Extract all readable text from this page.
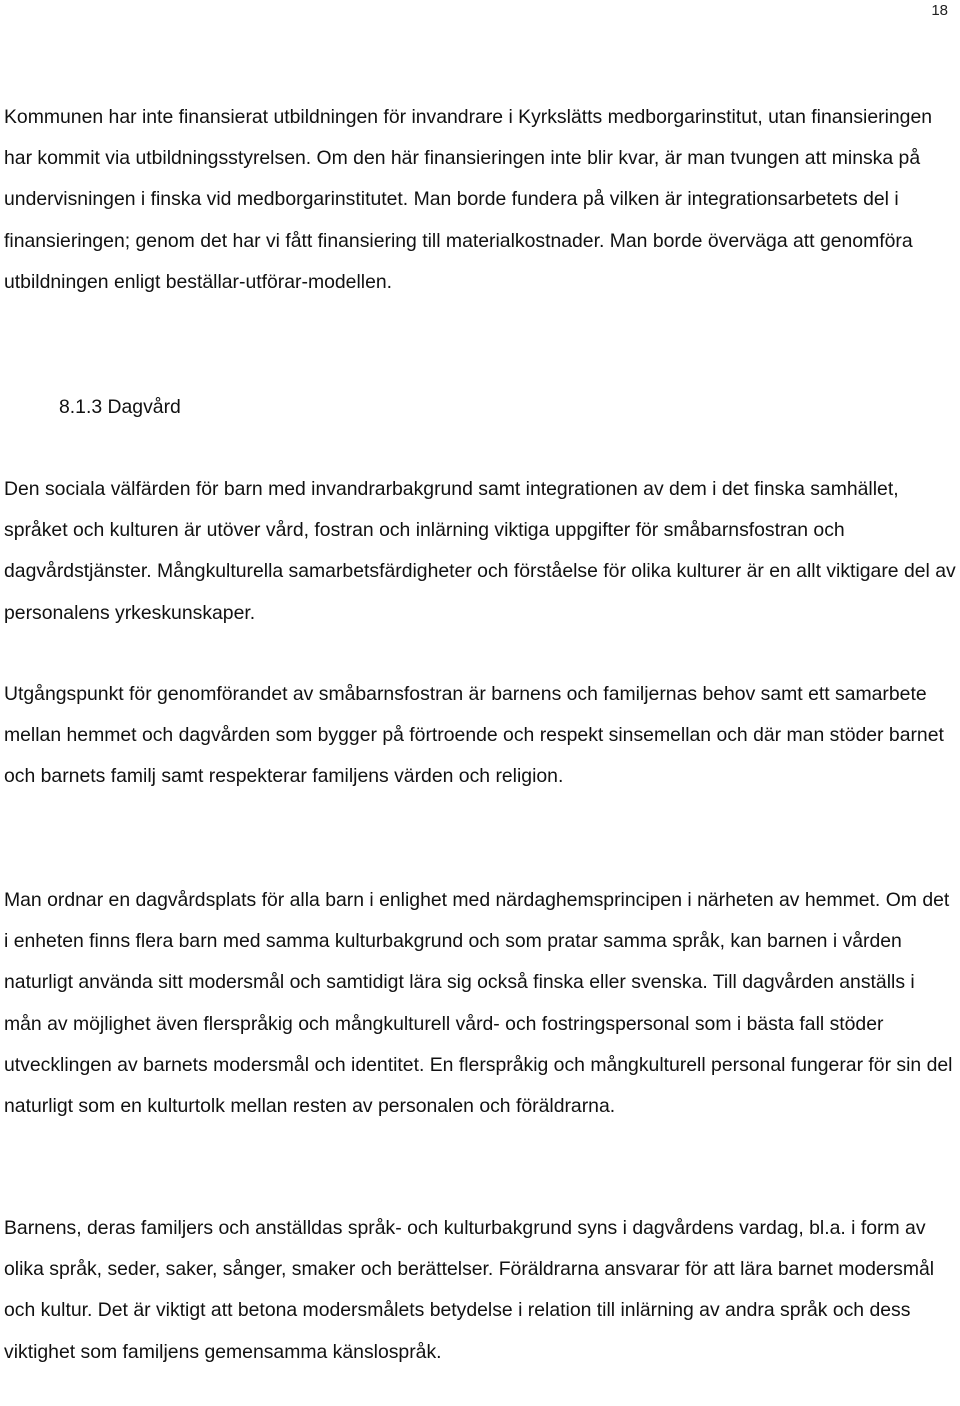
18

Kommunen har inte finansierat utbildningen för invandrare i Kyrkslätts medborgarinstitut, utan finansieringen har kommit via utbildningsstyrelsen. Om den här finansieringen inte blir kvar, är man tvungen att minska på undervisningen i finska vid medborgarinstitutet. Man borde fundera på vilken är integrationsarbetets del i finansieringen; genom det har vi fått finansiering till materialkostnader. Man borde överväga att genomföra utbildningen enligt beställar-utförar-modellen.

8.1.3 Dagvård

Den sociala välfärden för barn med invandrarbakgrund samt integrationen av dem i det finska samhället, språket och kulturen är utöver vård, fostran och inlärning viktiga uppgifter för småbarnsfostran och dagvårdstjänster. Mångkulturella samarbetsfärdigheter och förståelse för olika kulturer är en allt viktigare del av personalens yrkeskunskaper.

Utgångspunkt för genomförandet av småbarnsfostran är barnens och familjernas behov samt ett samarbete mellan hemmet och dagvården som bygger på förtroende och respekt sinsemellan och där man stöder barnet och barnets familj samt respekterar familjens värden och religion.

Man ordnar en dagvårdsplats för alla barn i enlighet med närdaghemsprincipen i närheten av hemmet. Om det i enheten finns flera barn med samma kulturbakgrund och som pratar samma språk, kan barnen i vården naturligt använda sitt modersmål och samtidigt lära sig också finska eller svenska. Till dagvården anställs i mån av möjlighet även flerspråkig och mångkulturell vård- och fostringspersonal som i bästa fall stöder utvecklingen av barnets modersmål och identitet. En flerspråkig och mångkulturell personal fungerar för sin del naturligt som en kulturtolk mellan resten av personalen och föräldrarna.

Barnens, deras familjers och anställdas språk- och kulturbakgrund syns i dagvårdens vardag, bl.a. i form av olika språk, seder, saker, sånger, smaker och berättelser. Föräldrarna ansvarar för att lära barnet modersmål och kultur. Det är viktigt att betona modersmålets betydelse i relation till inlärning av andra språk och dess viktighet som familjens gemensamma känslospråk.
